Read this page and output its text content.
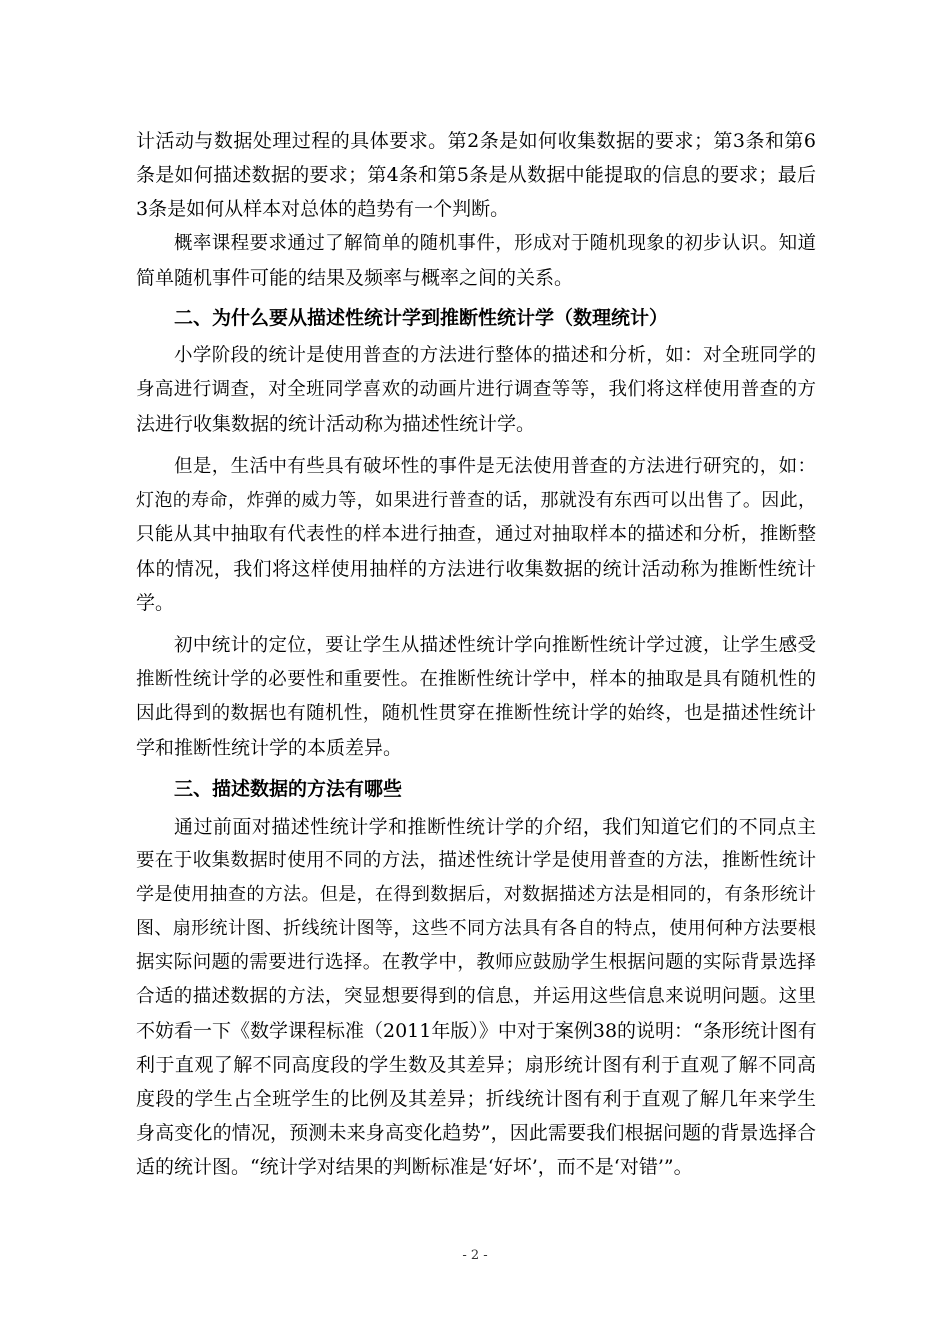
计活动与数据处理过程的具体要求。第2条是如何收集数据的要求；第3条和第6
条是如何描述数据的要求；第4条和第5条是从数据中能提取的信息的要求；最后
3条是如何从样本对总体的趋势有一个判断。
概率课程要求通过了解简单的随机事件，形成对于随机现象的初步认识。知道
简单随机事件可能的结果及频率与概率之间的关系。
二、为什么要从描述性统计学到推断性统计学（数理统计）
小学阶段的统计是使用普查的方法进行整体的描述和分析，如：对全班同学的
身高进行调查，对全班同学喜欢的动画片进行调查等等，我们将这样使用普查的方
法进行收集数据的统计活动称为描述性统计学。
但是，生活中有些具有破坏性的事件是无法使用普查的方法进行研究的，如：
灯泡的寿命，炸弹的威力等，如果进行普查的话，那就没有东西可以出售了。因此，
只能从其中抽取有代表性的样本进行抽查，通过对抽取样本的描述和分析，推断整
体的情况，我们将这样使用抽样的方法进行收集数据的统计活动称为推断性统计
学。
初中统计的定位，要让学生从描述性统计学向推断性统计学过渡，让学生感受
推断性统计学的必要性和重要性。在推断性统计学中，样本的抽取是具有随机性的
因此得到的数据也有随机性，随机性贯穿在推断性统计学的始终，也是描述性统计
学和推断性统计学的本质差异。
三、描述数据的方法有哪些
通过前面对描述性统计学和推断性统计学的介绍，我们知道它们的不同点主
要在于收集数据时使用不同的方法，描述性统计学是使用普查的方法，推断性统计
学是使用抽查的方法。但是，在得到数据后，对数据描述方法是相同的，有条形统计
图、扇形统计图、折线统计图等，这些不同方法具有各自的特点，使用何种方法要根
据实际问题的需要进行选择。在教学中，教师应鼓励学生根据问题的实际背景选择
合适的描述数据的方法，突显想要得到的信息，并运用这些信息来说明问题。这里
不妨看一下《数学课程标准（2011年版）》中对于案例38的说明：“条形统计图有
利于直观了解不同高度段的学生数及其差异；扇形统计图有利于直观了解不同高
度段的学生占全班学生的比例及其差异；折线统计图有利于直观了解几年来学生
身高变化的情况，预测未来身高变化趋势”，因此需要我们根据问题的背景选择合
适的统计图。“统计学对结果的判断标准是‘好坏’，而不是‘对错’”。
- 2 -
